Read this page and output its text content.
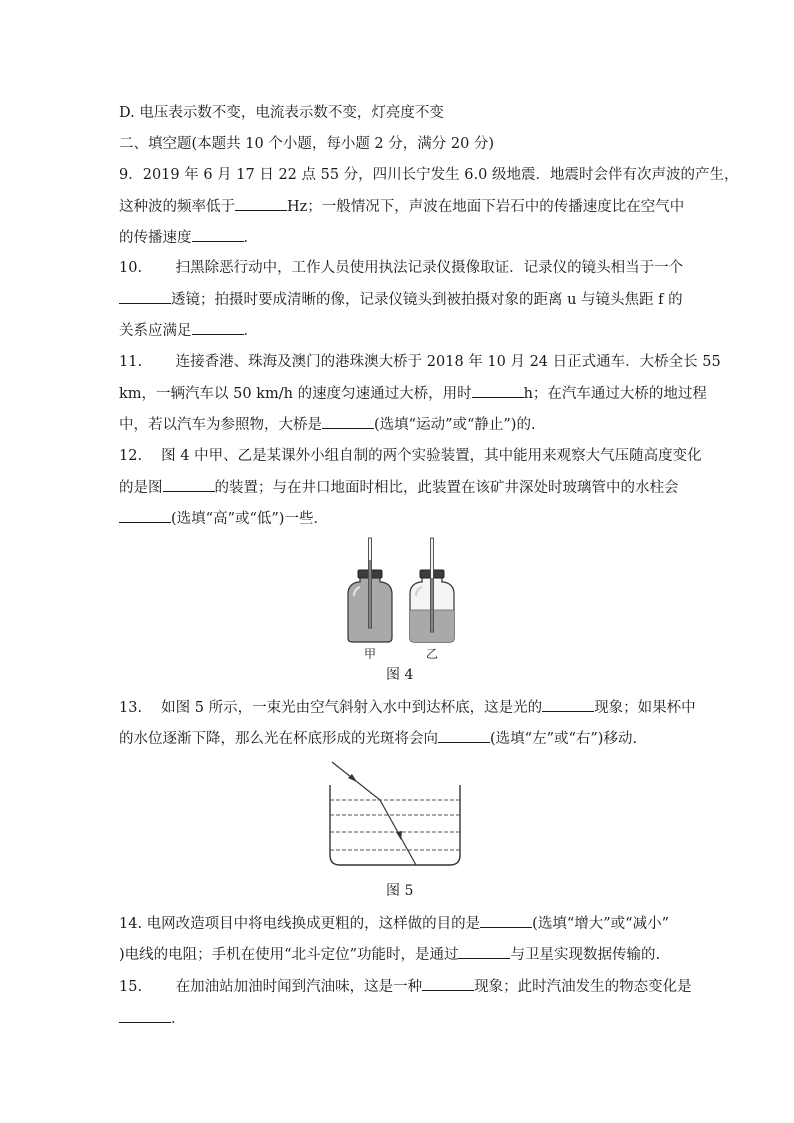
D. 电压表示数不变，电流表示数不变，灯亮度不变
二、填空题(本题共 10 个小题，每小题 2 分，满分 20 分)
9．2019 年 6 月 17 日 22 点 55 分，四川长宁发生 6.0 级地震．地震时会伴有次声波的产生，
这种波的频率低于	Hz；一般情况下，声波在地面下岩石中的传播速度比在空气中
的传播速度	．
10.　　 扫黑除恶行动中，工作人员使用执法记录仪摄像取证．记录仪的镜头相当于一个
透镜；拍摄时要成清晰的像，记录仪镜头到被拍摄对象的距离 u 与镜头焦距 f 的
关系应满足	．
11.　　 连接香港、珠海及澳门的港珠澳大桥于 2018 年 10 月 24 日正式通车．大桥全长 55
km，一辆汽车以 50 km/h 的速度匀速通过大桥，用时	h；在汽车通过大桥的地过程
中，若以汽车为参照物，大桥是	(选填“运动”或“静止”)的.
12.　 图 4 中甲、乙是某课外小组自制的两个实验装置，其中能用来观察大气压随高度变化
的是图	的装置；与在井口地面时相比，此装置在该矿井深处时玻璃管中的水柱会
(选填“高”或“低”)一些．
甲	乙
图 4
13.　 如图 5 所示，一束光由空气斜射入水中到达杯底，这是光的	现象；如果杯中
的水位逐渐下降，那么光在杯底形成的光斑将会向	(选填“左”或“右”)移动.
图 5
14. 电网改造项目中将电线换成更粗的，这样做的目的是	(选填“增大”或“减小”
)电线的电阻；手机在使用“北斗定位”功能时，是通过	与卫星实现数据传输的.
15.　　 在加油站加油时闻到汽油味，这是一种	现象；此时汽油发生的物态变化是
．
